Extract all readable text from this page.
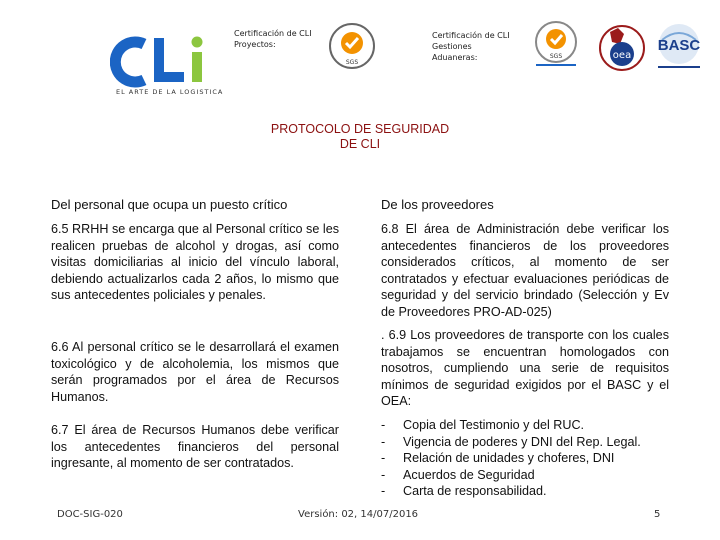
EL ARTE DE LA LOGISTICA
Certificación de CLI
Proyectos:
SGS
Certificación de CLI
Gestiones
Aduaneras:	SGS	oea
BASC
PROTOCOLO DE SEGURIDAD
DE CLI
Del personal que ocupa un puesto crítico
6.5 RRHH se encarga que al Personal crítico se les realicen pruebas de alcohol y drogas, así como visitas domiciliarias al inicio del vínculo laboral, debiendo actualizarlos cada 2 años, lo mismo que sus antecedentes policiales y penales.
6.6 Al personal crítico se le desarrollará el examen toxicológico y de alcoholemia, los mismos que serán programados por el área de Recursos Humanos.
6.7 El área de Recursos Humanos debe verificar los antecedentes financieros del personal ingresante, al momento de ser contratados.
De los proveedores
6.8 El área de Administración debe verificar los antecedentes financieros de los proveedores considerados críticos, al momento de ser contratados y efectuar evaluaciones periódicas de seguridad y del servicio brindado (Selección y Ev de Proveedores PRO-AD-025)
. 6.9 Los proveedores de transporte con los cuales trabajamos se encuentran homologados con nosotros, cumpliendo una serie de requisitos mínimos de seguridad exigidos por el BASC y el OEA:
- Copia del Testimonio y del RUC.
- Vigencia de poderes y DNI del Rep. Legal.
- Relación de unidades y choferes, DNI
- Acuerdos de Seguridad
- Carta de responsabilidad.
DOC-SIG-020	Versión: 02, 14/07/2016	5
